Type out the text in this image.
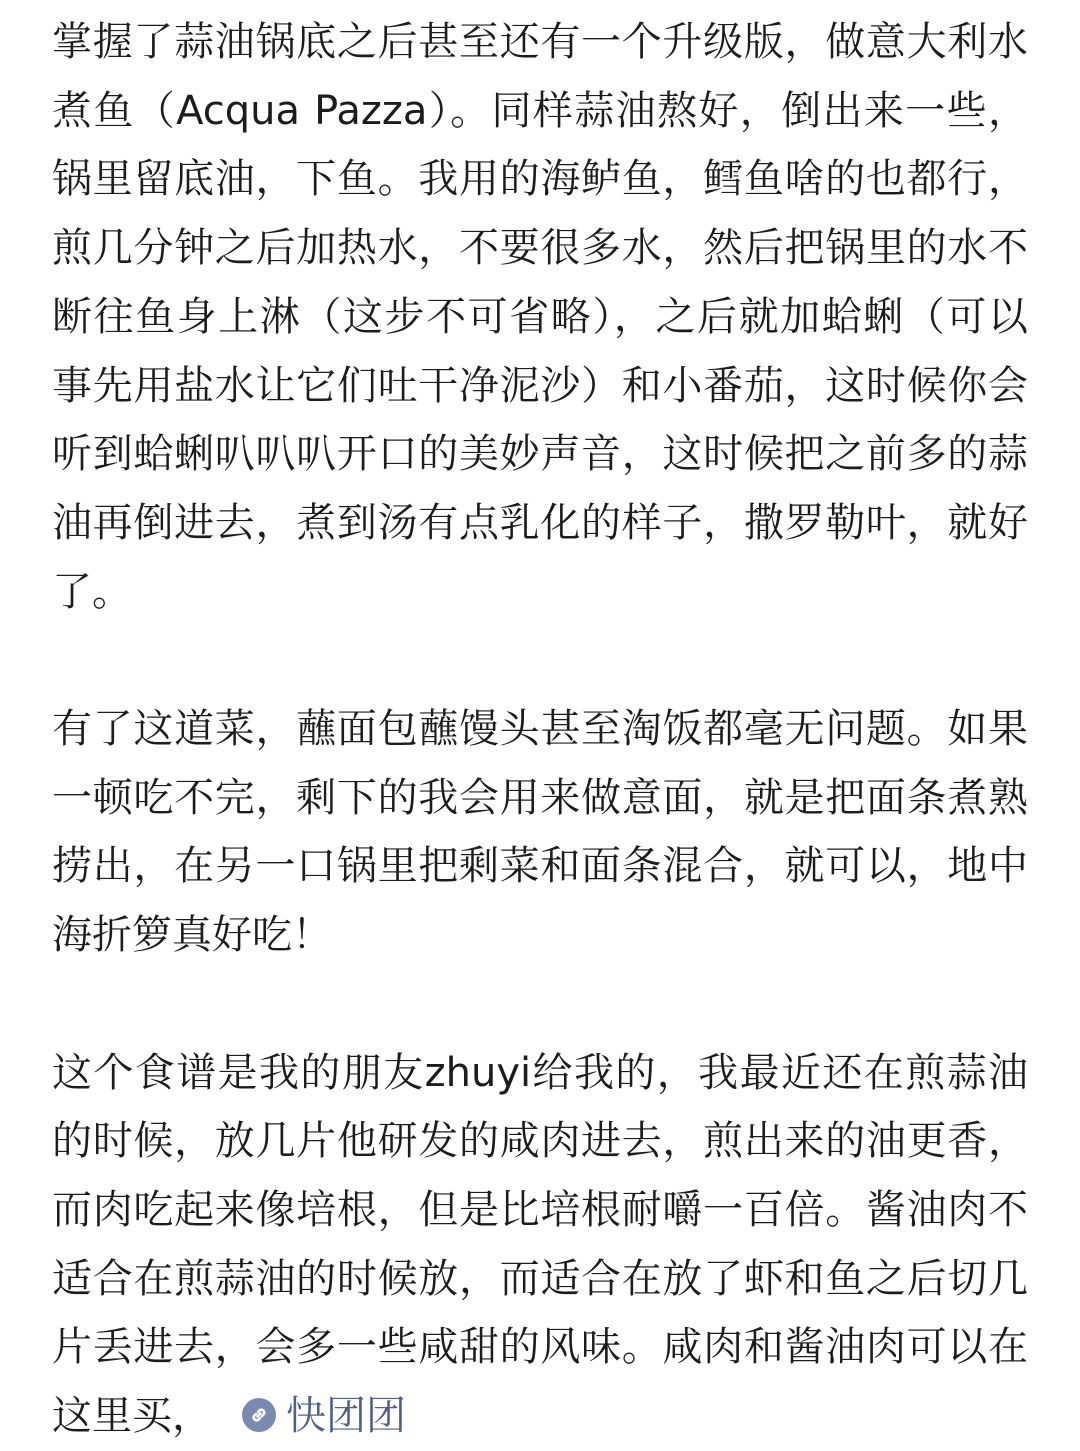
掌握了蒜油锅底之后甚至还有一个升级版，做意大利水煮鱼（Acqua Pazza）。同样蒜油熬好，倒出来一些，锅里留底油，下鱼。我用的海鲈鱼，鳕鱼啥的也都行，煎几分钟之后加热水，不要很多水，然后把锅里的水不断往鱼身上淋（这步不可省略），之后就加蛤蜊（可以事先用盐水让它们吐干净泥沙）和小番茄，这时候你会听到蛤蜊叭叭叭开口的美妙声音，这时候把之前多的蒜油再倒进去，煮到汤有点乳化的样子，撒罗勒叶，就好了。

有了这道菜，蘸面包蘸馒头甚至淘饭都毫无问题。如果一顿吃不完，剩下的我会用来做意面，就是把面条煮熟捞出，在另一口锅里把剩菜和面条混合，就可以，地中海折箩真好吃！

这个食谱是我的朋友zhuyi给我的，我最近还在煎蒜油的时候，放几片他研发的咸肉进去，煎出来的油更香，而肉吃起来像培根，但是比培根耐嚼一百倍。酱油肉不适合在煎蒜油的时候放，而适合在放了虾和鱼之后切几片丢进去，会多一些咸甜的风味。咸肉和酱油肉可以在这里买， 快团团
